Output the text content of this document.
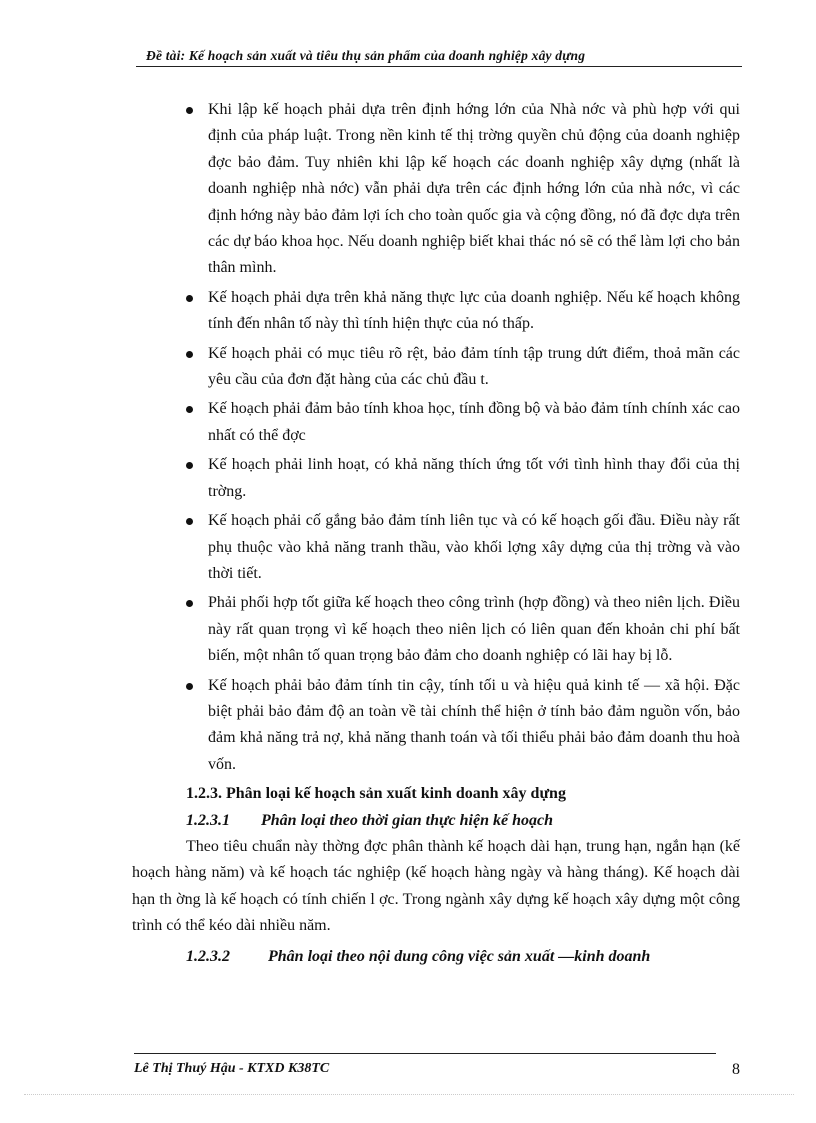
Đề tài: Kế hoạch sản xuất và tiêu thụ sản phẩm của doanh nghiệp xây dựng
Khi lập kế hoạch phải dựa trên định hớng lớn của Nhà nớc và phù hợp với qui định của pháp luật. Trong nền kinh tế thị trờng quyền chủ động của doanh nghiệp đợc bảo đảm. Tuy nhiên khi lập kế hoạch các doanh nghiệp xây dựng (nhất là doanh nghiệp nhà nớc) vẫn phải dựa trên các định hớng lớn của nhà nớc, vì các định hớng này bảo đảm lợi ích cho toàn quốc gia và cộng đồng, nó đã đợc dựa trên các dự báo khoa học. Nếu doanh nghiệp biết khai thác nó sẽ có thể làm lợi cho bản thân mình.
Kế hoạch phải dựa trên khả năng thực lực của doanh nghiệp. Nếu kế hoạch không tính đến nhân tố này thì tính hiện thực của nó thấp.
Kế hoạch phải có mục tiêu rõ rệt, bảo đảm tính tập trung dứt điểm, thoả mãn các yêu cầu của đơn đặt hàng của các chủ đầu t.
Kế hoạch phải đảm bảo tính khoa học, tính đồng bộ và bảo đảm tính chính xác cao nhất có thể đợc
Kế hoạch phải linh hoạt, có khả năng thích ứng tốt với tình hình thay đổi của thị trờng.
Kế hoạch phải cố gắng bảo đảm tính liên tục và có kế hoạch gối đầu. Điều này rất phụ thuộc vào khả năng tranh thầu, vào khối lợng xây dựng của thị trờng và vào thời tiết.
Phải phối hợp tốt giữa kế hoạch theo công trình (hợp đồng) và theo niên lịch. Điều này rất quan trọng vì kế hoạch theo niên lịch có liên quan đến khoản chi phí bất biến, một nhân tố quan trọng bảo đảm cho doanh nghiệp có lãi hay bị lỗ.
Kế hoạch phải bảo đảm tính tin cậy, tính tối u và hiệu quả kinh tế — xã hội. Đặc biệt phải bảo đảm độ an toàn về tài chính thể hiện ở tính bảo đảm nguồn vốn, bảo đảm khả năng trả nợ, khả năng thanh toán và tối thiểu phải bảo đảm doanh thu hoà vốn.
1.2.3. Phân loại kế hoạch sản xuất kinh doanh xây dựng
1.2.3.1 Phân loại theo thời gian thực hiện kế hoạch

Theo tiêu chuẩn này thờng đợc phân thành kế hoạch dài hạn, trung hạn, ngắn hạn (kế hoạch hàng năm) và kế hoạch tác nghiệp (kế hoạch hàng ngày và hàng tháng). Kế hoạch dài hạn th ờng là kế hoạch có tính chiến l ợc. Trong ngành xây dựng kế hoạch xây dựng một công trình có thể kéo dài nhiều năm.

1.2.3.2 Phân loại theo nội dung công việc sản xuất —kinh doanh
Lê Thị Thuý Hậu - KTXD K38TC	8
